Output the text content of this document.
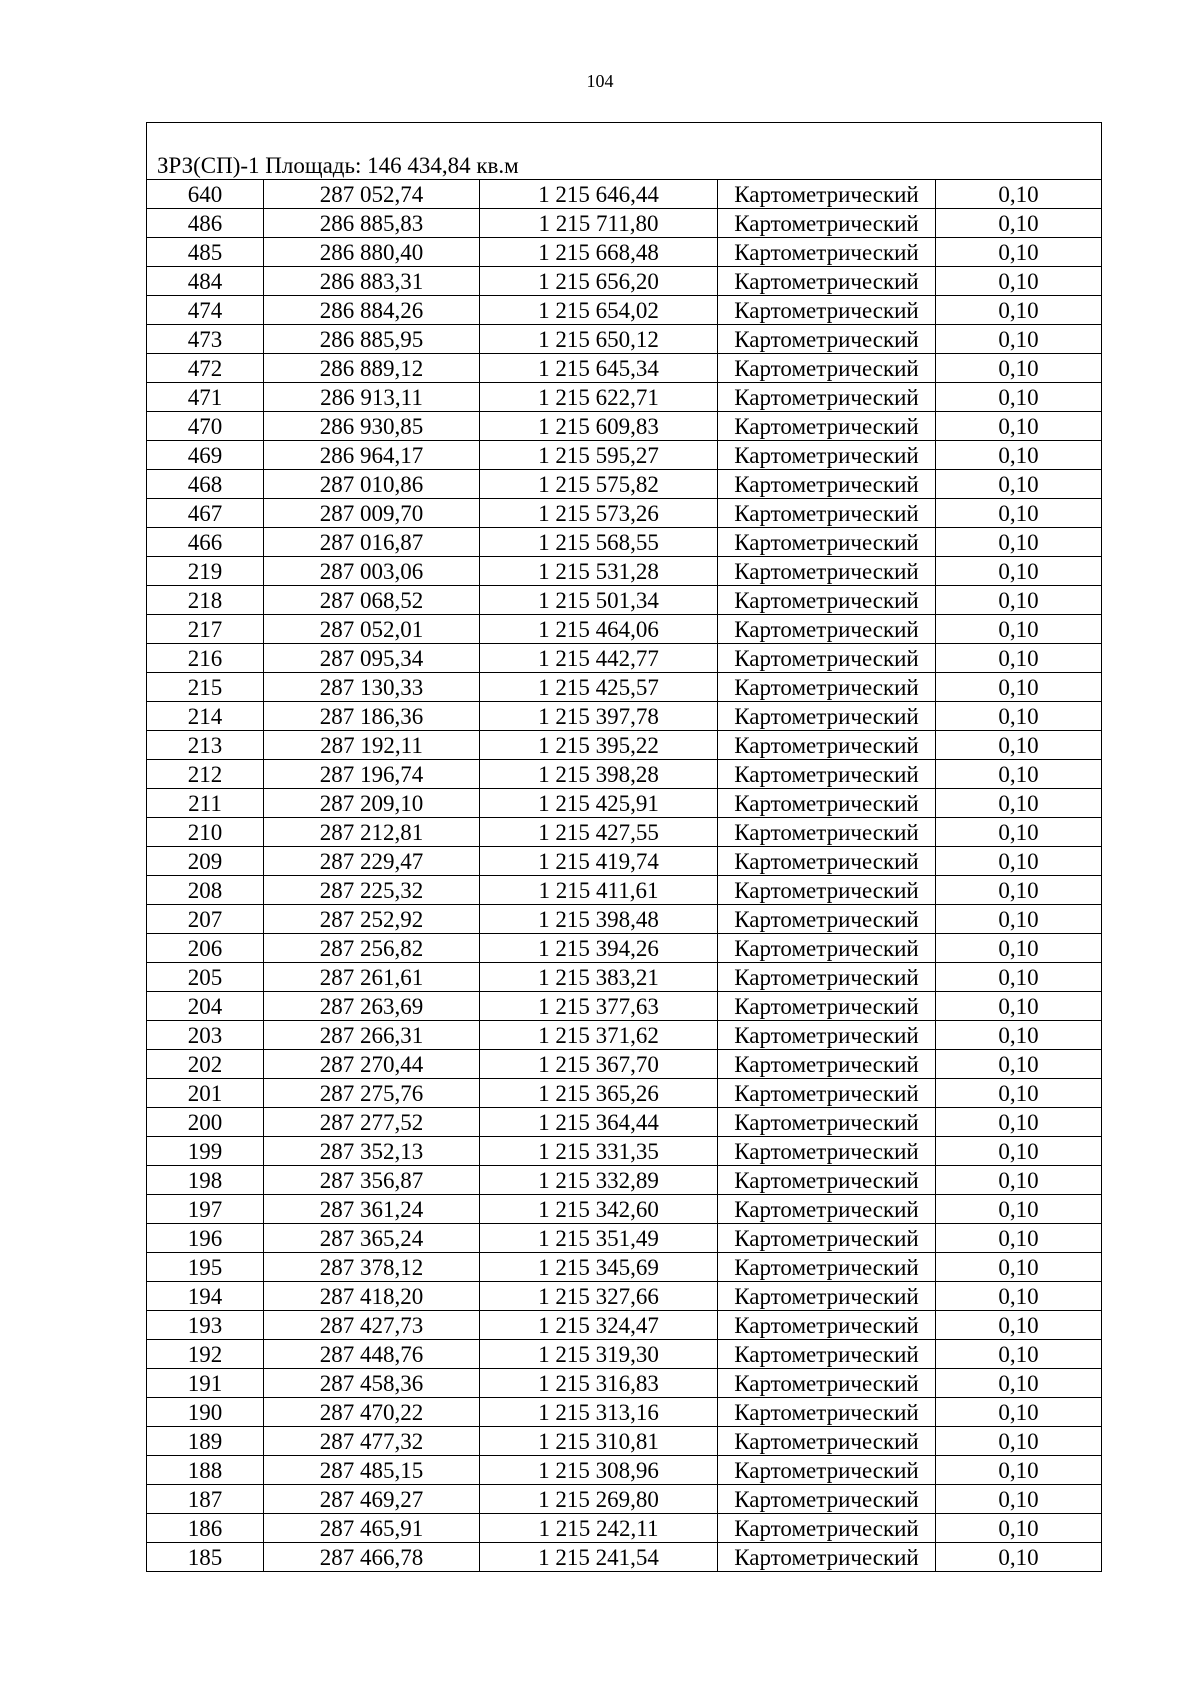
104
ЗРЗ(СП)-1 Площадь: 146 434,84 кв.м				
640	287 052,74	1 215 646,44	Картометрический	0,10
486	286 885,83	1 215 711,80	Картометрический	0,10
485	286 880,40	1 215 668,48	Картометрический	0,10
484	286 883,31	1 215 656,20	Картометрический	0,10
474	286 884,26	1 215 654,02	Картометрический	0,10
473	286 885,95	1 215 650,12	Картометрический	0,10
472	286 889,12	1 215 645,34	Картометрический	0,10
471	286 913,11	1 215 622,71	Картометрический	0,10
470	286 930,85	1 215 609,83	Картометрический	0,10
469	286 964,17	1 215 595,27	Картометрический	0,10
468	287 010,86	1 215 575,82	Картометрический	0,10
467	287 009,70	1 215 573,26	Картометрический	0,10
466	287 016,87	1 215 568,55	Картометрический	0,10
219	287 003,06	1 215 531,28	Картометрический	0,10
218	287 068,52	1 215 501,34	Картометрический	0,10
217	287 052,01	1 215 464,06	Картометрический	0,10
216	287 095,34	1 215 442,77	Картометрический	0,10
215	287 130,33	1 215 425,57	Картометрический	0,10
214	287 186,36	1 215 397,78	Картометрический	0,10
213	287 192,11	1 215 395,22	Картометрический	0,10
212	287 196,74	1 215 398,28	Картометрический	0,10
211	287 209,10	1 215 425,91	Картометрический	0,10
210	287 212,81	1 215 427,55	Картометрический	0,10
209	287 229,47	1 215 419,74	Картометрический	0,10
208	287 225,32	1 215 411,61	Картометрический	0,10
207	287 252,92	1 215 398,48	Картометрический	0,10
206	287 256,82	1 215 394,26	Картометрический	0,10
205	287 261,61	1 215 383,21	Картометрический	0,10
204	287 263,69	1 215 377,63	Картометрический	0,10
203	287 266,31	1 215 371,62	Картометрический	0,10
202	287 270,44	1 215 367,70	Картометрический	0,10
201	287 275,76	1 215 365,26	Картометрический	0,10
200	287 277,52	1 215 364,44	Картометрический	0,10
199	287 352,13	1 215 331,35	Картометрический	0,10
198	287 356,87	1 215 332,89	Картометрический	0,10
197	287 361,24	1 215 342,60	Картометрический	0,10
196	287 365,24	1 215 351,49	Картометрический	0,10
195	287 378,12	1 215 345,69	Картометрический	0,10
194	287 418,20	1 215 327,66	Картометрический	0,10
193	287 427,73	1 215 324,47	Картометрический	0,10
192	287 448,76	1 215 319,30	Картометрический	0,10
191	287 458,36	1 215 316,83	Картометрический	0,10
190	287 470,22	1 215 313,16	Картометрический	0,10
189	287 477,32	1 215 310,81	Картометрический	0,10
188	287 485,15	1 215 308,96	Картометрический	0,10
187	287 469,27	1 215 269,80	Картометрический	0,10
186	287 465,91	1 215 242,11	Картометрический	0,10
185	287 466,78	1 215 241,54	Картометрический	0,10
